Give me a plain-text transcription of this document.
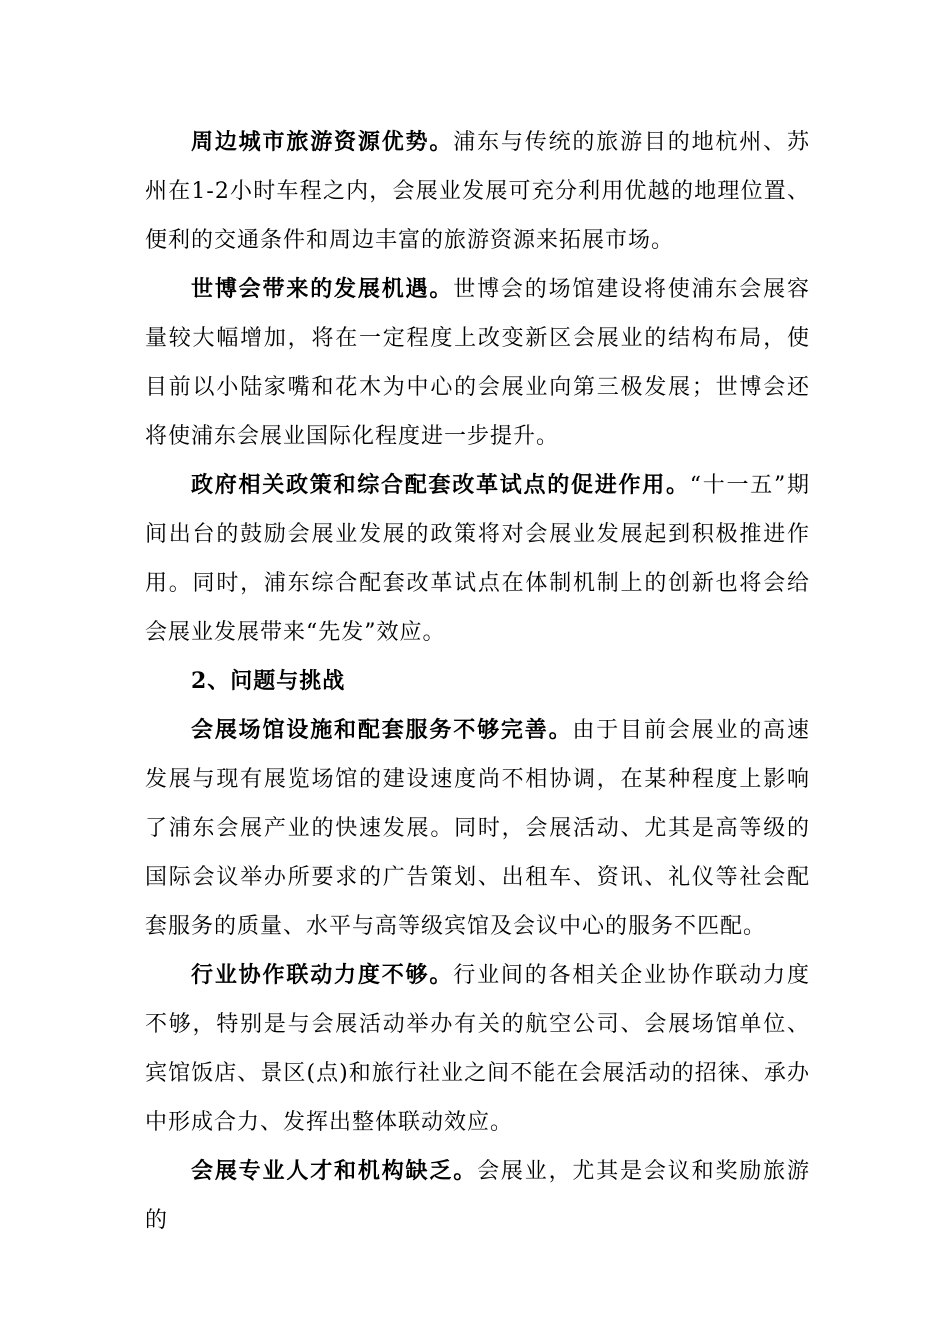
周边城市旅游资源优势。浦东与传统的旅游目的地杭州、苏州在1-2小时车程之内，会展业发展可充分利用优越的地理位置、便利的交通条件和周边丰富的旅游资源来拓展市场。

世博会带来的发展机遇。世博会的场馆建设将使浦东会展容量较大幅增加，将在一定程度上改变新区会展业的结构布局，使目前以小陆家嘴和花木为中心的会展业向第三极发展；世博会还将使浦东会展业国际化程度进一步提升。

政府相关政策和综合配套改革试点的促进作用。“十一五”期间出台的鼓励会展业发展的政策将对会展业发展起到积极推进作用。同时，浦东综合配套改革试点在体制机制上的创新也将会给会展业发展带来“先发”效应。

2、问题与挑战

会展场馆设施和配套服务不够完善。由于目前会展业的高速发展与现有展览场馆的建设速度尚不相协调，在某种程度上影响了浦东会展产业的快速发展。同时，会展活动、尤其是高等级的国际会议举办所要求的广告策划、出租车、资讯、礼仪等社会配套服务的质量、水平与高等级宾馆及会议中心的服务不匹配。

行业协作联动力度不够。行业间的各相关企业协作联动力度不够，特别是与会展活动举办有关的航空公司、会展场馆单位、宾馆饭店、景区(点)和旅行社业之间不能在会展活动的招徕、承办中形成合力、发挥出整体联动效应。

会展专业人才和机构缺乏。会展业，尤其是会议和奖励旅游的
